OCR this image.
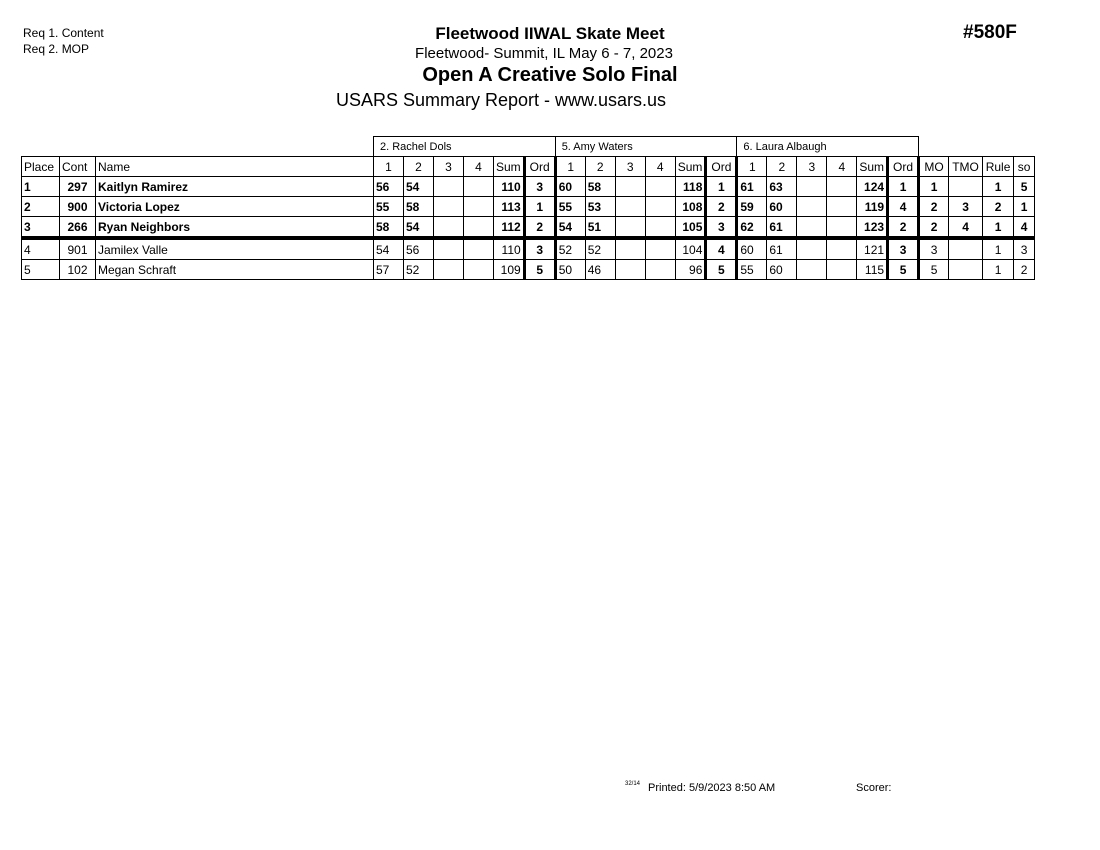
Req 1. Content
Req 2. MOP
#580F
Fleetwood IIWAL Skate Meet
Fleetwood- Summit, IL May 6 - 7, 2023
Open A Creative Solo Final
USARS Summary Report - www.usars.us
			2. Rachel Dols						5. Amy Waters						6. Laura Albaugh									
Place	Cont	Name	1	2	3	4	Sum	Ord	1	2	3	4	Sum	Ord	1	2	3	4	Sum	Ord	MO	TMO	Rule	so
1	297	Kaitlyn Ramirez	56	54			110	3	60	58			118	1	61	63			124	1	1		1	5
2	900	Victoria Lopez	55	58			113	1	55	53			108	2	59	60			119	4	2	3	2	1
3	266	Ryan Neighbors	58	54			112	2	54	51			105	3	62	61			123	2	2	4	1	4
4	901	Jamilex Valle	54	56			110	3	52	52			104	4	60	61			121	3	3		1	3
5	102	Megan Schraft	57	52			109	5	50	46			96	5	55	60			115	5	5		1	2
32/14 Printed: 5/9/2023 8:50 AM	Scorer:
